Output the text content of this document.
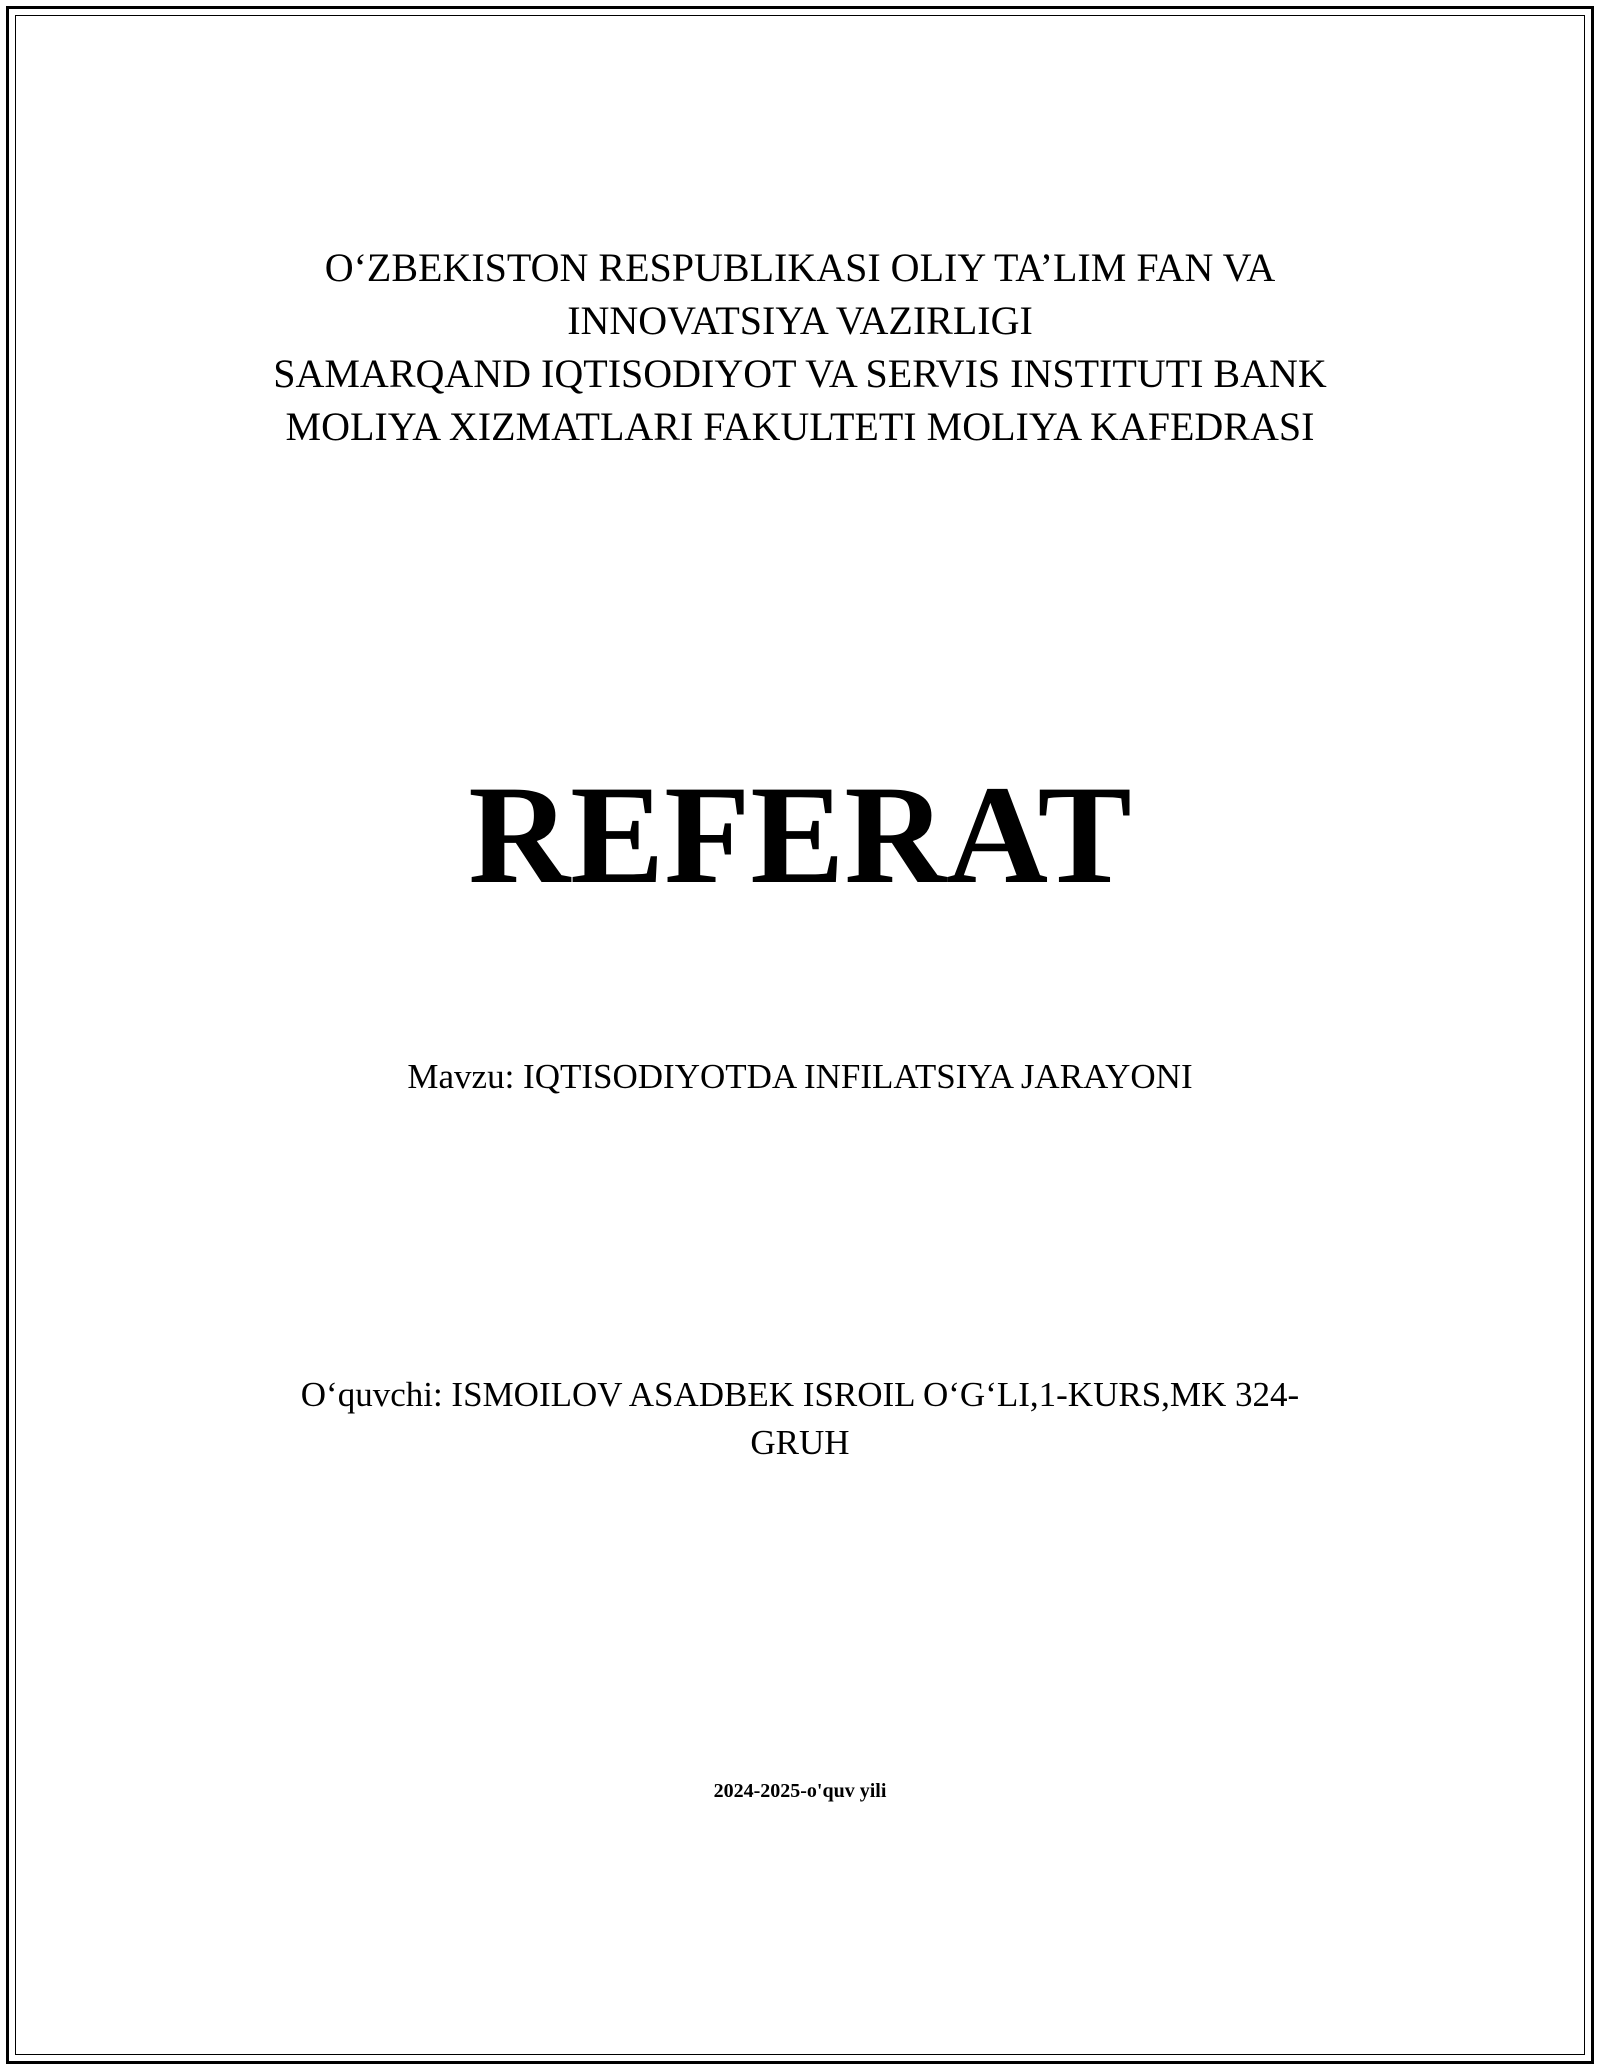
O‘ZBEKISTON RESPUBLIKASI OLIY TA’LIM FAN VA
INNOVATSIYA VAZIRLIGI
SAMARQAND IQTISODIYOT VA SERVIS INSTITUTI BANK
MOLIYA XIZMATLARI FAKULTETI MOLIYA KAFEDRASI
REFERAT
Mavzu: IQTISODIYOTDA INFILATSIYA JARAYONI
O‘quvchi: ISMOILOV ASADBEK ISROIL O‘G‘LI,1-KURS,MK 324-
GRUH
2024-2025-o'quv yili
